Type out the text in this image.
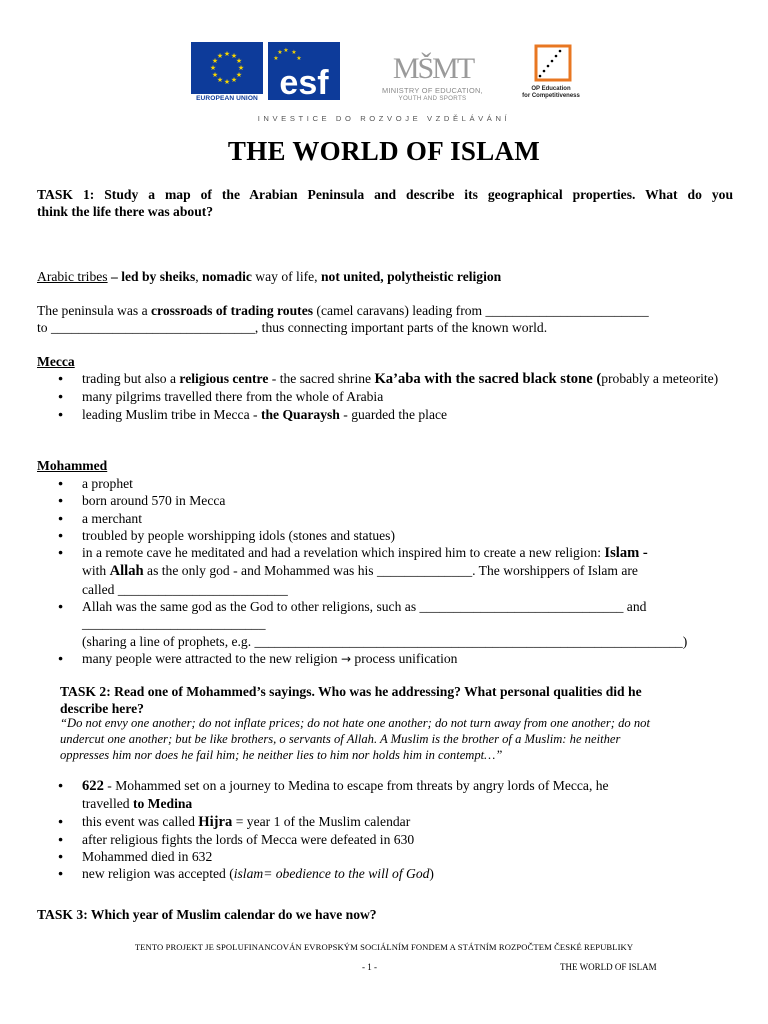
★ ★
★
★
★
★
★
★
★
★
★
★
EUROPEAN UNION
★ ★
★
★
★
esf MŠMT
MINISTRY OF EDUCATION,
YOUTH AND SPORTS
OP Education
for Competitiveness
INVESTICE DO ROZVOJE VZDĚLÁVÁNÍ
THE WORLD OF ISLAM
TASK 1: Study a map of the Arabian Peninsula and describe its geographical properties. What do you
think the life there was about?
Arabic tribes – led by sheiks, nomadic way of life, not united, polytheistic religion
The peninsula was a crossroads of trading routes (camel caravans) leading from ________________________
to ______________________________, thus connecting important parts of the known world.
Mecca
● trading but also a religious centre - the sacred shrine Ka’aba with the sacred black stone (probably a meteorite)
● many pilgrims travelled there from the whole of Arabia
● leading Muslim tribe in Mecca - the Quaraysh - guarded the place
Mohammed
● a prophet
● born around 570 in Mecca
● a merchant
● troubled by people worshipping idols (stones and statues)
● in a remote cave he meditated and had a revelation which inspired him to create a new religion: Islam -
with Allah as the only god - and Mohammed was his ______________. The worshippers of Islam are
called _________________________
● Allah was the same god as the God to other religions, such as ______________________________ and
___________________________
(sharing a line of prophets, e.g. _______________________________________________________________)
● many people were attracted to the new religion → process unification
TASK 2: Read one of Mohammed’s sayings. Who was he addressing? What personal qualities did he
describe here?
“Do not envy one another; do not inflate prices; do not hate one another; do not turn away from one another; do not
undercut one another; but be like brothers, o servants of Allah. A Muslim is the brother of a Muslim: he neither
oppresses him nor does he fail him; he neither lies to him nor holds him in contempt…”
● 622 - Mohammed set on a journey to Medina to escape from threats by angry lords of Mecca, he
travelled to Medina
● this event was called Hijra = year 1 of the Muslim calendar
● after religious fights the lords of Mecca were defeated in 630
● Mohammed died in 632
● new religion was accepted (islam= obedience to the will of God)
TASK 3: Which year of Muslim calendar do we have now?
TENTO PROJEKT JE SPOLUFINANCOVÁN EVROPSKÝM SOCIÁLNÍM FONDEM A STÁTNÍM ROZPOČTEM ČESKÉ REPUBLIKY
- 1 -	THE WORLD OF ISLAM
